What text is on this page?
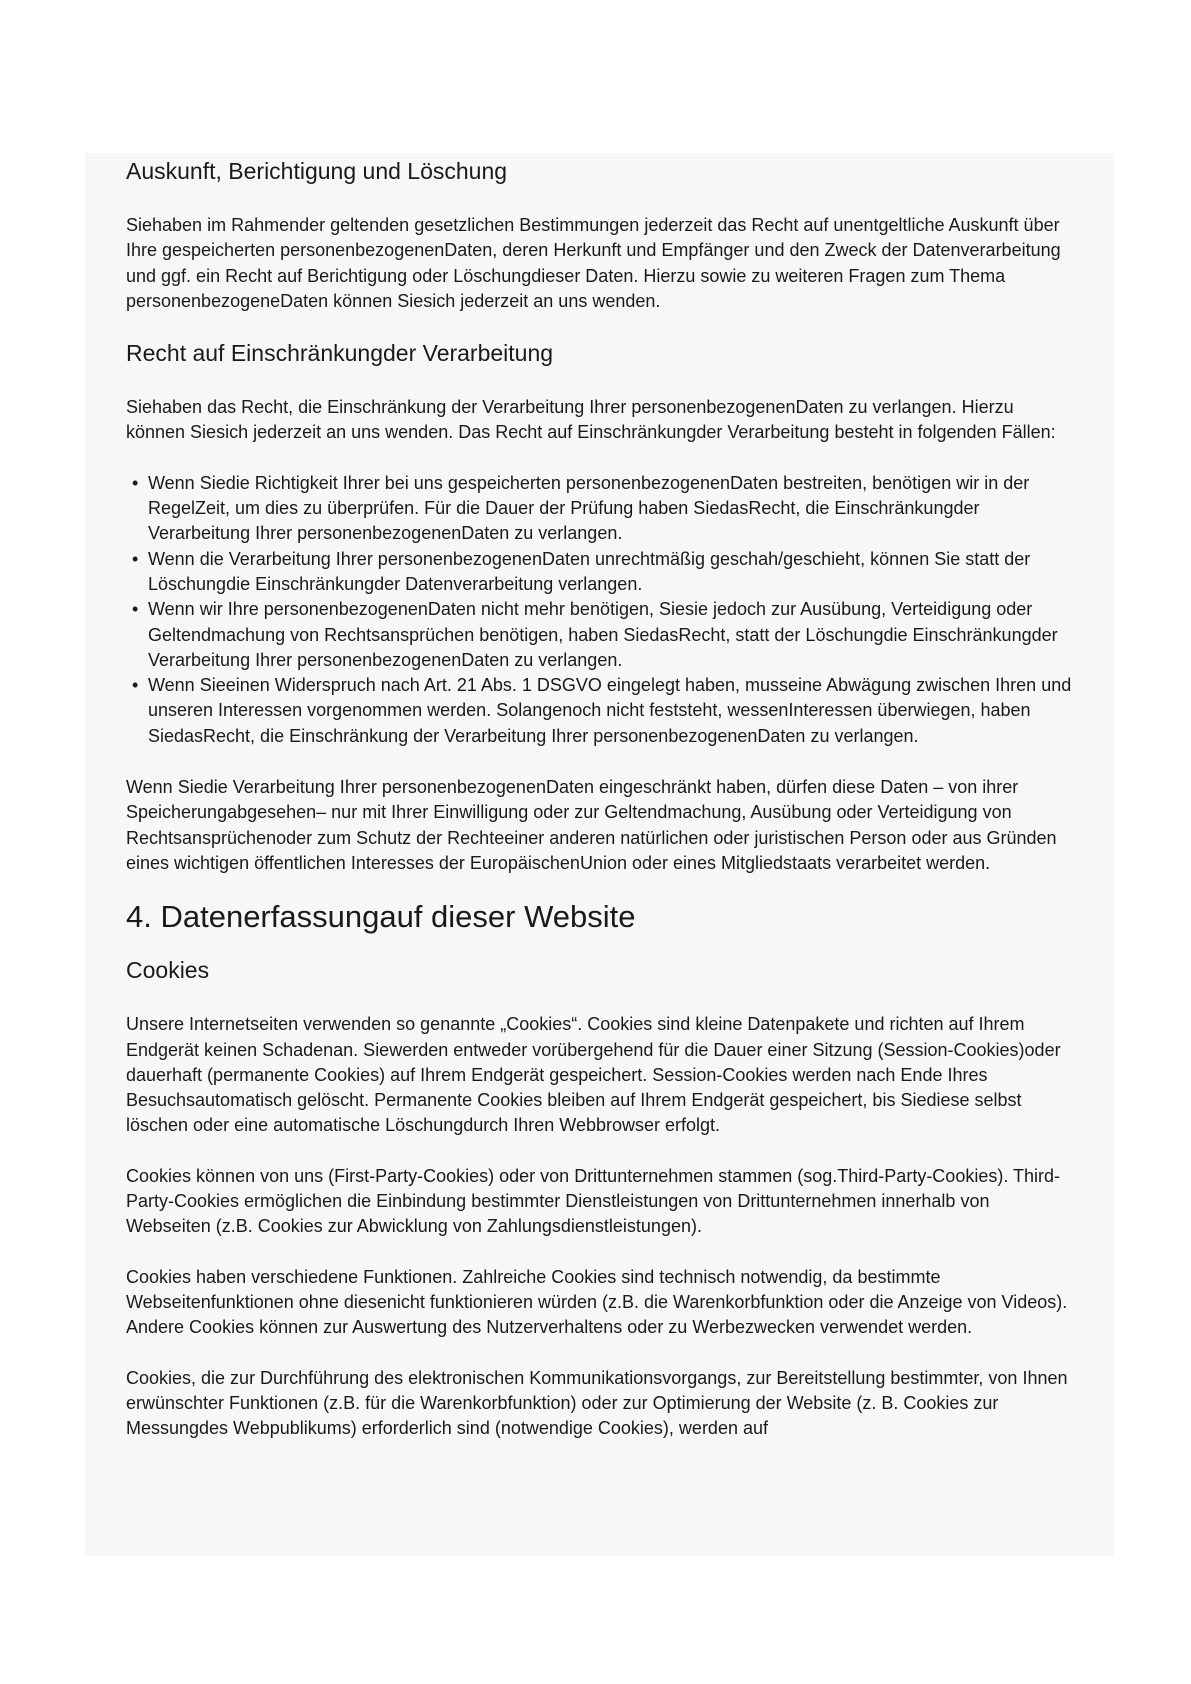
Auskunft, Berichtigung und Löschung

Siehaben im Rahmender geltenden gesetzlichen Bestimmungen jederzeit das Recht auf unentgeltliche Auskunft über Ihre gespeicherten personenbezogenenDaten, deren Herkunft und Empfänger und den Zweck der Datenverarbeitung und ggf. ein Recht auf Berichtigung oder Löschungdieser Daten. Hierzu sowie zu weiteren Fragen zum Thema personenbezogeneDaten können Siesich jederzeit an uns wenden.

Recht auf Einschränkungder Verarbeitung

Siehaben das Recht, die Einschränkung der Verarbeitung Ihrer personenbezogenenDaten zu verlangen. Hierzu können Siesich jederzeit an uns wenden. Das Recht auf Einschränkungder Verarbeitung besteht in folgenden Fällen:

• Wenn Siedie Richtigkeit Ihrer bei uns gespeicherten personenbezogenenDaten bestreiten, benötigen wir in der RegelZeit, um dies zu überprüfen. Für die Dauer der Prüfung haben SiedasRecht, die Einschränkungder Verarbeitung Ihrer personenbezogenenDaten zu verlangen.
• Wenn die Verarbeitung Ihrer personenbezogenenDaten unrechtmäßig geschah/geschieht, können Sie statt der Löschungdie Einschränkungder Datenverarbeitung verlangen.
• Wenn wir Ihre personenbezogenenDaten nicht mehr benötigen, Siesie jedoch zur Ausübung, Verteidigung oder Geltendmachung von Rechtsansprüchen benötigen, haben SiedasRecht, statt der Löschungdie Einschränkungder Verarbeitung Ihrer personenbezogenenDaten zu verlangen.
• Wenn Sieeinen Widerspruch nach Art. 21 Abs. 1 DSGVO eingelegt haben, musseine Abwägung zwischen Ihren und unseren Interessen vorgenommen werden. Solangenoch nicht feststeht, wessenInteressen überwiegen, haben SiedasRecht, die Einschränkung der Verarbeitung Ihrer personenbezogenenDaten zu verlangen.

Wenn Siedie Verarbeitung Ihrer personenbezogenenDaten eingeschränkt haben, dürfen diese Daten – von ihrer Speicherungabgesehen– nur mit Ihrer Einwilligung oder zur Geltendmachung, Ausübung oder Verteidigung von Rechtsansprüchenoder zum Schutz der Rechteeiner anderen natürlichen oder juristischen Person oder aus Gründen eines wichtigen öffentlichen Interesses der EuropäischenUnion oder eines Mitgliedstaats verarbeitet werden.

4. Datenerfassungauf dieser Website
Cookies

Unsere Internetseiten verwenden so genannte „Cookies“. Cookies sind kleine Datenpakete und richten auf Ihrem Endgerät keinen Schadenan. Siewerden entweder vorübergehend für die Dauer einer Sitzung (Session-Cookies)oder dauerhaft (permanente Cookies) auf Ihrem Endgerät gespeichert. Session-Cookies werden nach Ende Ihres Besuchsautomatisch gelöscht. Permanente Cookies bleiben auf Ihrem Endgerät gespeichert, bis Siediese selbst löschen oder eine automatische Löschungdurch Ihren Webbrowser erfolgt.

Cookies können von uns (First-Party-Cookies) oder von Drittunternehmen stammen (sog.Third-Party-Cookies). Third-Party-Cookies ermöglichen die Einbindung bestimmter Dienstleistungen von Drittunternehmen innerhalb von Webseiten (z.B. Cookies zur Abwicklung von Zahlungsdienstleistungen).

Cookies haben verschiedene Funktionen. Zahlreiche Cookies sind technisch notwendig, da bestimmte Webseitenfunktionen ohne diesenicht funktionieren würden (z.B. die Warenkorbfunktion oder die Anzeige von Videos). Andere Cookies können zur Auswertung des Nutzerverhaltens oder zu Werbezwecken verwendet werden.

Cookies, die zur Durchführung des elektronischen Kommunikationsvorgangs, zur Bereitstellung bestimmter, von Ihnen erwünschter Funktionen (z.B. für die Warenkorbfunktion) oder zur Optimierung der Website (z. B. Cookies zur Messungdes Webpublikums) erforderlich sind (notwendige Cookies), werden auf
